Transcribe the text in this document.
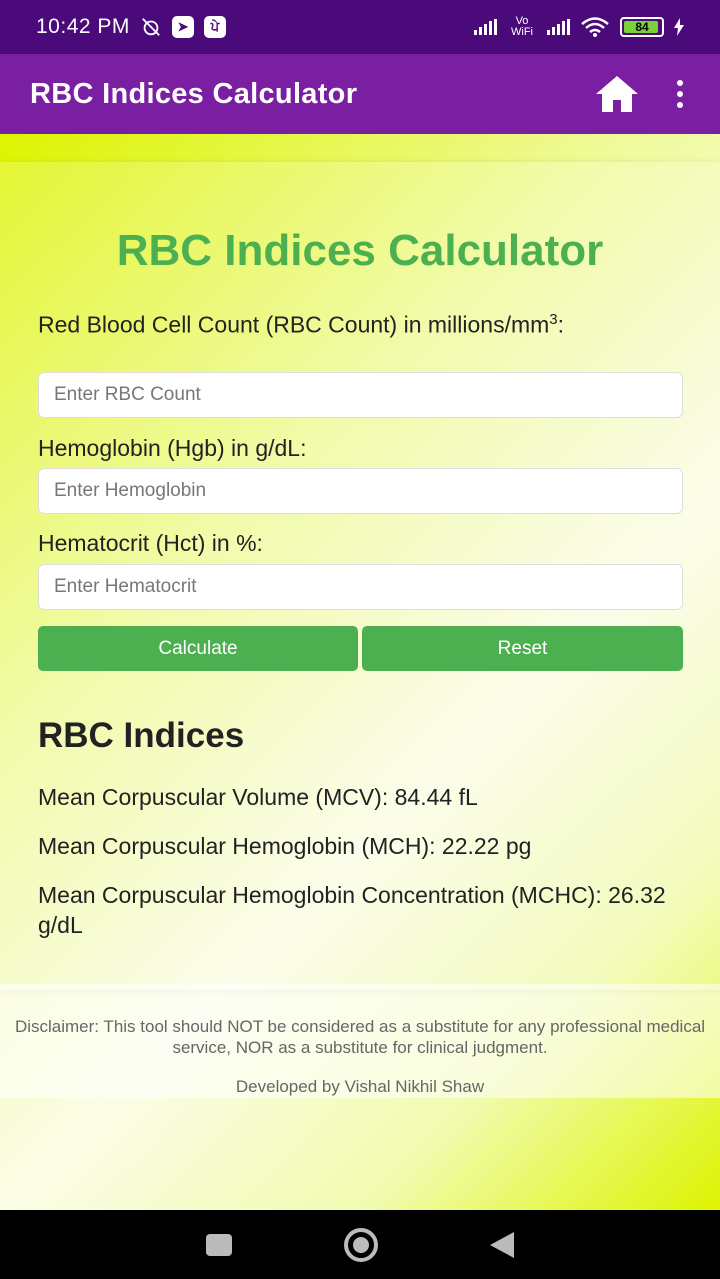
10:42 PM	➤	ਪੇ	Vo WiFi	84
RBC Indices Calculator
RBC Indices Calculator
Red Blood Cell Count (RBC Count) in millions/$mm^3$:
Enter RBC Count
Hemoglobin (Hgb) in g/dL:
Enter Hemoglobin
Hematocrit (Hct) in %:
Enter Hematocrit
Calculate	Reset
RBC Indices

Mean Corpuscular Volume (MCV): 84.44 fL

Mean Corpuscular Hemoglobin (MCH): 22.22 pg

Mean Corpuscular Hemoglobin Concentration (MCHC): 26.32 g/dL

Disclaimer: This tool should NOT be considered as a substitute for any professional medical service, NOR as a substitute for clinical judgment.

Developed by Vishal Nikhil Shaw
